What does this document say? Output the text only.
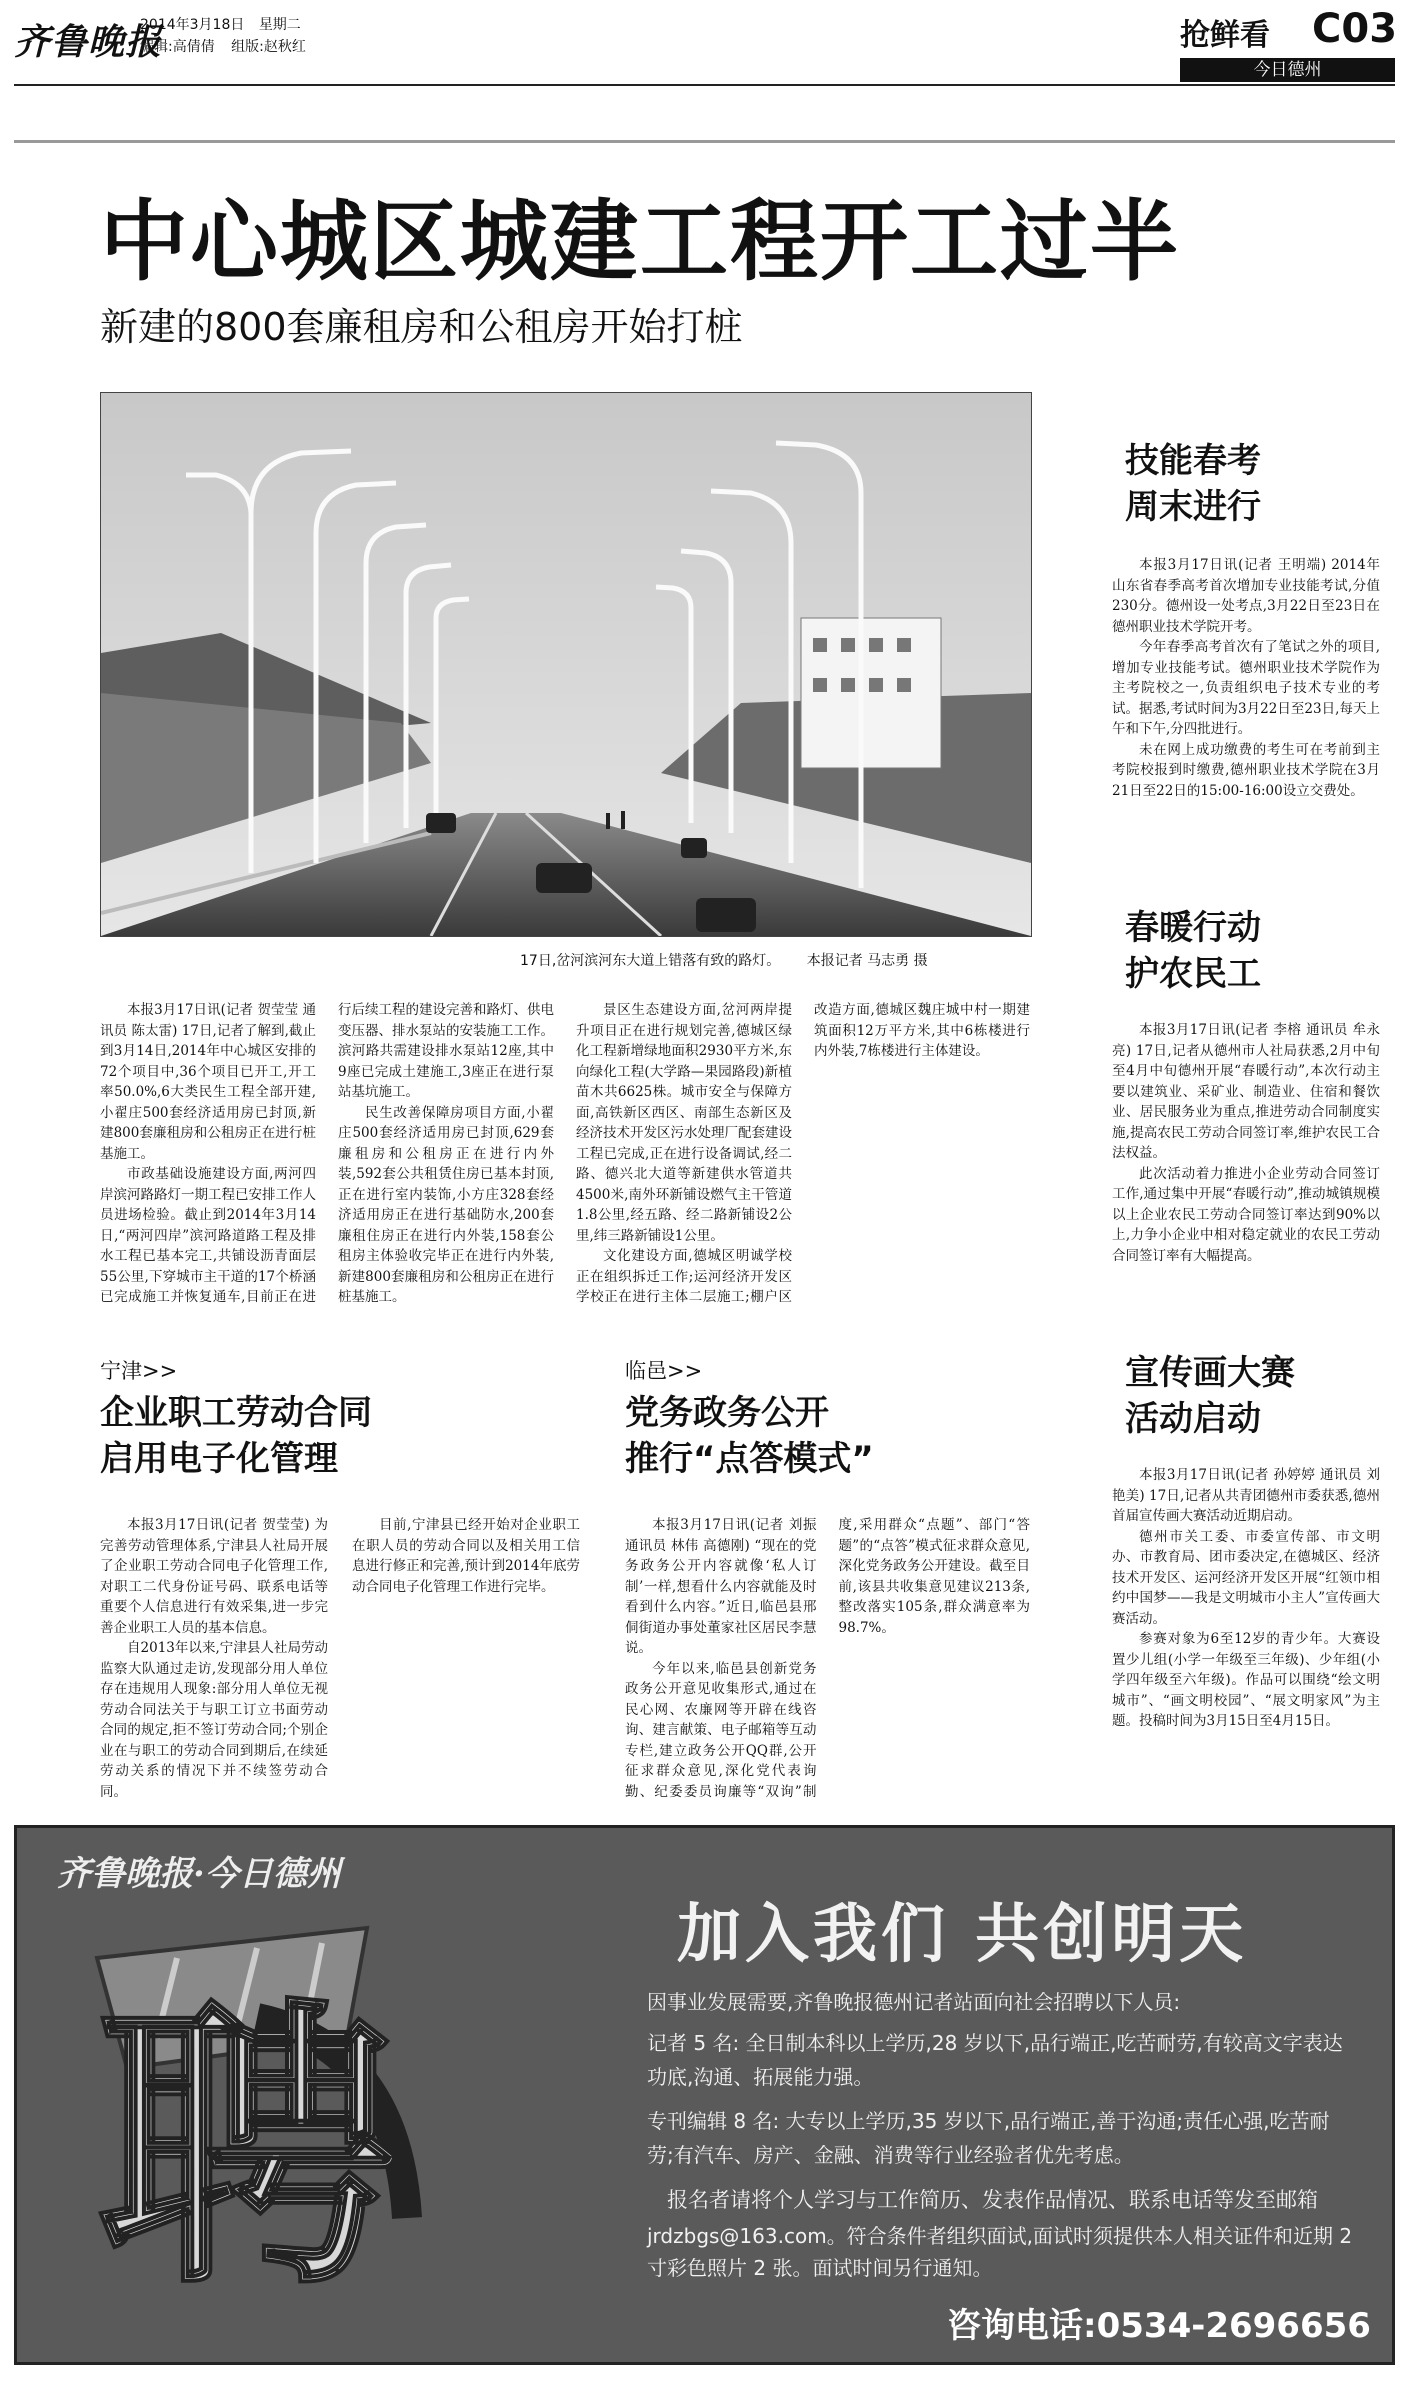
齐鲁晚报
2014年3月18日 星期二
编辑:高倩倩 组版:赵秋红	抢鲜看 C03
今日德州
中心城区城建工程开工过半
新建的800套廉租房和公租房开始打桩
17日,岔河滨河东大道上错落有致的路灯。 本报记者 马志勇 摄

本报3月17日讯(记者 贺莹莹 通讯员 陈太雷) 17日,记者了解到,截止到3月14日,2014年中心城区安排的72个项目中,36个项目已开工,开工率50.0%,6大类民生工程全部开建,小翟庄500套经济适用房已封顶,新建800套廉租房和公租房正在进行桩基施工。

市政基础设施建设方面,两河四岸滨河路路灯一期工程已安排工作人员进场检验。截止到2014年3月14日,“两河四岸”滨河路道路工程及排水工程已基本完工,共铺设沥青面层55公里,下穿城市主干道的17个桥涵已完成施工并恢复通车,目前正在进行后续工程的建设完善和路灯、供电变压器、排水泵站的安装施工工作。滨河路共需建设排水泵站12座,其中9座已完成土建施工,3座正在进行泵站基坑施工。

民生改善保障房项目方面,小翟庄500套经济适用房已封顶,629套廉租房和公租房正在进行内外装,592套公共租赁住房已基本封顶,正在进行室内装饰,小方庄328套经济适用房正在进行基础防水,200套廉租住房正在进行内外装,158套公租房主体验收完毕正在进行内外装,新建800套廉租房和公租房正在进行桩基施工。

景区生态建设方面,岔河两岸提升项目正在进行规划完善,德城区绿化工程新增绿地面积2930平方米,东向绿化工程(大学路—果园路段)新植苗木共6625株。城市安全与保障方面,高铁新区西区、南部生态新区及经济技术开发区污水处理厂配套建设工程已完成,正在进行设备调试,经二路、德兴北大道等新建供水管道共4500米,南外环新铺设燃气主干管道1.8公里,经五路、经二路新铺设2公里,纬三路新铺设1公里。

文化建设方面,德城区明诚学校正在组织拆迁工作;运河经济开发区学校正在进行主体二层施工;棚户区改造方面,德城区魏庄城中村一期建筑面积12万平方米,其中6栋楼进行内外装,7栋楼进行主体建设。

宁津>>
企业职工劳动合同
启用电子化管理

本报3月17日讯(记者 贺莹莹) 为完善劳动管理体系,宁津县人社局开展了企业职工劳动合同电子化管理工作,对职工二代身份证号码、联系电话等重要个人信息进行有效采集,进一步完善企业职工人员的基本信息。

自2013年以来,宁津县人社局劳动监察大队通过走访,发现部分用人单位存在违规用人现象:部分用人单位无视劳动合同法关于与职工订立书面劳动合同的规定,拒不签订劳动合同;个别企业在与职工的劳动合同到期后,在续延劳动关系的情况下并不续签劳动合同。

目前,宁津县已经开始对企业职工在职人员的劳动合同以及相关用工信息进行修正和完善,预计到2014年底劳动合同电子化管理工作进行完毕。

临邑>>
党务政务公开
推行“点答模式”

本报3月17日讯(记者 刘振 通讯员 林伟 高德刚) “现在的党务政务公开内容就像‘私人订制’一样,想看什么内容就能及时看到什么内容。”近日,临邑县邢侗街道办事处董家社区居民李慧说。

今年以来,临邑县创新党务政务公开意见收集形式,通过在民心网、农廉网等开辟在线咨询、建言献策、电子邮箱等互动专栏,建立政务公开QQ群,公开征求群众意见,深化党代表询勤、纪委委员询廉等“双询”制度,采用群众“点题”、部门“答题”的“点答”模式征求群众意见,深化党务政务公开建设。截至目前,该县共收集意见建议213条,整改落实105条,群众满意率为98.7%。

技能春考
周末进行

本报3月17日讯(记者 王明端) 2014年山东省春季高考首次增加专业技能考试,分值230分。德州设一处考点,3月22日至23日在德州职业技术学院开考。

今年春季高考首次有了笔试之外的项目,增加专业技能考试。德州职业技术学院作为主考院校之一,负责组织电子技术专业的考试。据悉,考试时间为3月22日至23日,每天上午和下午,分四批进行。

未在网上成功缴费的考生可在考前到主考院校报到时缴费,德州职业技术学院在3月21日至22日的15:00-16:00设立交费处。

春暖行动
护农民工

本报3月17日讯(记者 李榕 通讯员 牟永亮) 17日,记者从德州市人社局获悉,2月中旬至4月中旬德州开展“春暖行动”,本次行动主要以建筑业、采矿业、制造业、住宿和餐饮业、居民服务业为重点,推进劳动合同制度实施,提高农民工劳动合同签订率,维护农民工合法权益。

此次活动着力推进小企业劳动合同签订工作,通过集中开展“春暖行动”,推动城镇规模以上企业农民工劳动合同签订率达到90%以上,力争小企业中相对稳定就业的农民工劳动合同签订率有大幅提高。

宣传画大赛
活动启动

本报3月17日讯(记者 孙婷婷 通讯员 刘艳美) 17日,记者从共青团德州市委获悉,德州首届宣传画大赛活动近期启动。

德州市关工委、市委宣传部、市文明办、市教育局、团市委决定,在德城区、经济技术开发区、运河经济开发区开展“红领巾相约中国梦——我是文明城市小主人”宣传画大赛活动。

参赛对象为6至12岁的青少年。大赛设置少儿组(小学一年级至三年级)、少年组(小学四年级至六年级)。作品可以围绕“绘文明城市”、“画文明校园”、“展文明家风”为主题。投稿时间为3月15日至4月15日。

齐鲁晚报·今日德州
聘
加入我们 共创明天
因事业发展需要,齐鲁晚报德州记者站面向社会招聘以下人员:
记者 5 名: 全日制本科以上学历,28 岁以下,品行端正,吃苦耐劳,有较高文字表达功底,沟通、拓展能力强。
专刊编辑 8 名: 大专以上学历,35 岁以下,品行端正,善于沟通;责任心强,吃苦耐劳;有汽车、房产、金融、消费等行业经验者优先考虑。
报名者请将个人学习与工作简历、发表作品情况、联系电话等发至邮箱
jrdzbgs@163.com。符合条件者组织面试,面试时须提供本人相关证件和近期 2 寸彩色照片 2 张。面试时间另行通知。
咨询电话:0534-2696656
